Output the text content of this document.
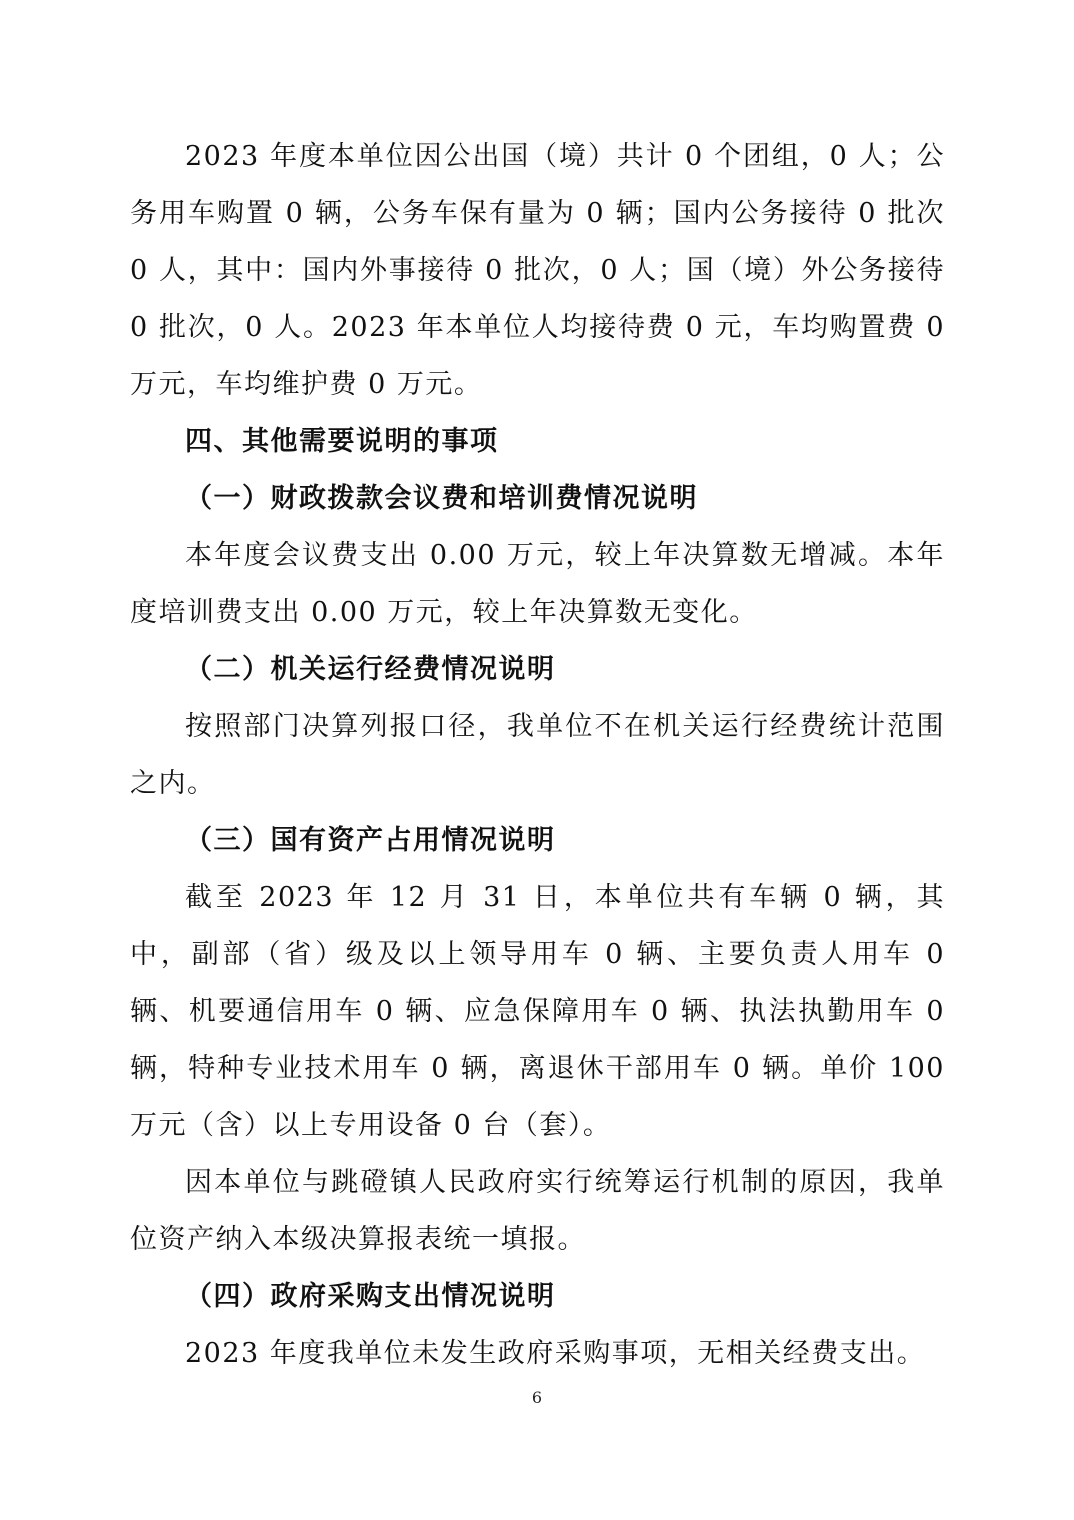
2023 年度本单位因公出国（境）共计 0 个团组，0 人；公务用车购置 0 辆，公务车保有量为 0 辆；国内公务接待 0 批次 0 人，其中：国内外事接待 0 批次，0 人；国（境）外公务接待 0 批次，0 人。2023 年本单位人均接待费 0 元，车均购置费 0 万元，车均维护费 0 万元。

四、其他需要说明的事项

（一）财政拨款会议费和培训费情况说明

本年度会议费支出 0.00 万元，较上年决算数无增减。本年度培训费支出 0.00 万元，较上年决算数无变化。

（二）机关运行经费情况说明

按照部门决算列报口径，我单位不在机关运行经费统计范围之内。

（三）国有资产占用情况说明

截至 2023 年 12 月 31 日，本单位共有车辆 0 辆，其中，副部（省）级及以上领导用车 0 辆、主要负责人用车 0 辆、机要通信用车 0 辆、应急保障用车 0 辆、执法执勤用车 0 辆，特种专业技术用车 0 辆，离退休干部用车 0 辆。单价 100 万元（含）以上专用设备 0 台（套）。

因本单位与跳磴镇人民政府实行统筹运行机制的原因，我单位资产纳入本级决算报表统一填报。

（四）政府采购支出情况说明

2023 年度我单位未发生政府采购事项，无相关经费支出。

6
